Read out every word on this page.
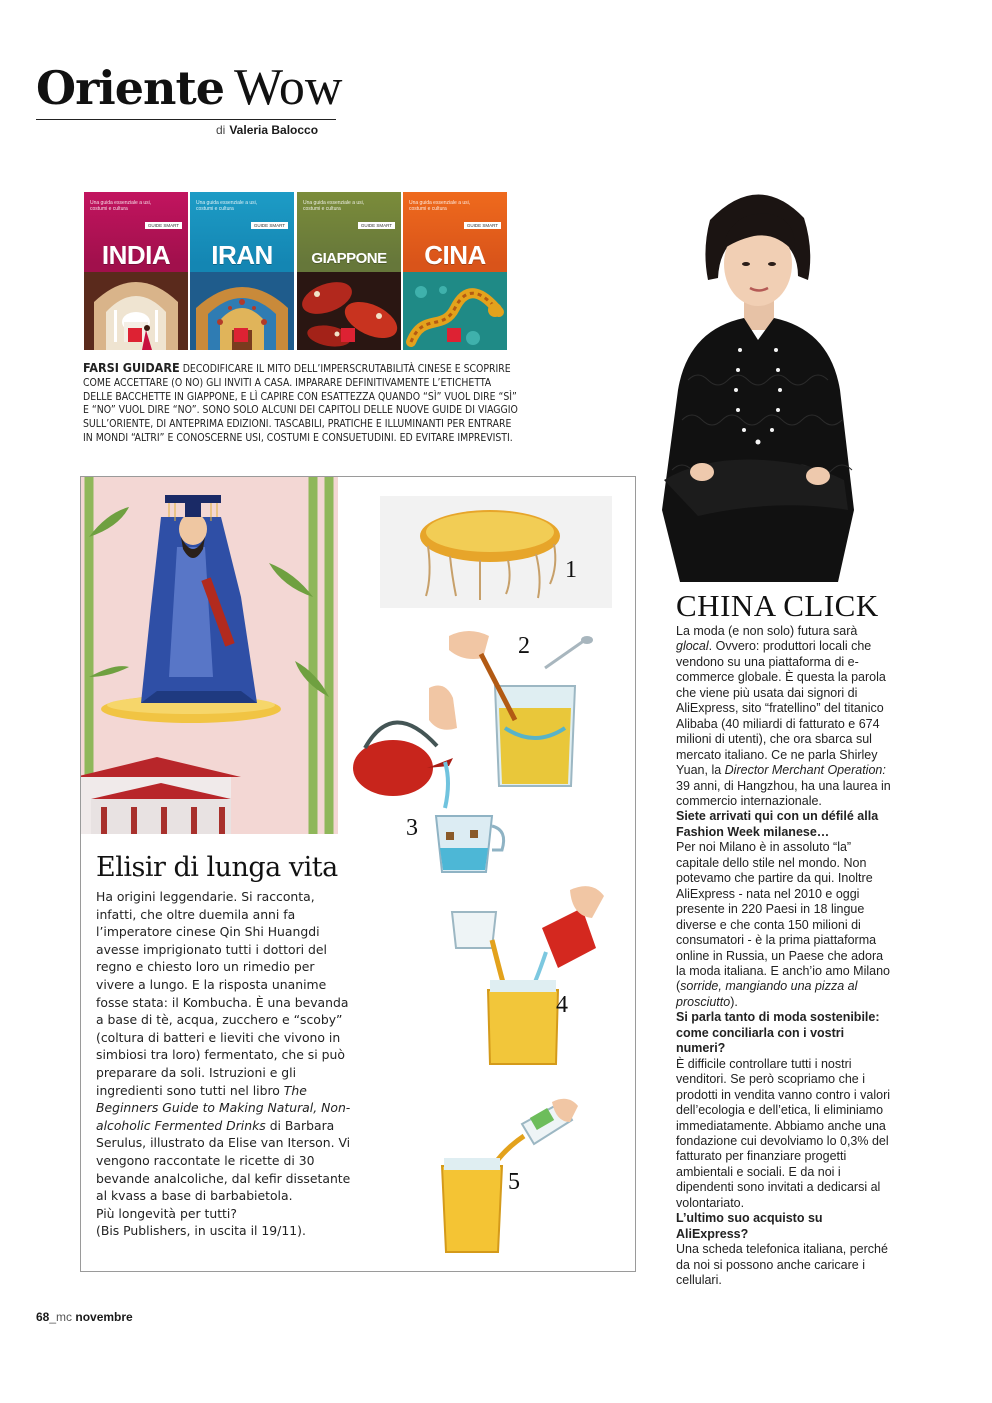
Oriente Wow
di Valeria Balocco
Una guida essenziale a usi, costumi e cultura
GUIDE SMART
INDIA
Una guida essenziale a usi, costumi e cultura
GUIDE SMART
IRAN
Una guida essenziale a usi, costumi e cultura
GUIDE SMART
GIAPPONE
Una guida essenziale a usi, costumi e cultura
GUIDE SMART
CINA
FARSI GUIDARE DECODIFICARE IL MITO DELL’IMPERSCRUTABILITÀ CINESE E SCOPRIRE
COME ACCETTARE (O NO) GLI INVITI A CASA. IMPARARE DEFINITIVAMENTE L’ETICHETTA
DELLE BACCHETTE IN GIAPPONE, E LÌ CAPIRE CON ESATTEZZA QUANDO “SÌ” VUOL DIRE “SÌ”
E “NO” VUOL DIRE “NO”. SONO SOLO ALCUNI DEI CAPITOLI DELLE NUOVE GUIDE DI VIAGGIO
SULL’ORIENTE, DI ANTEPRIMA EDIZIONI. TASCABILI, PRATICHE E ILLUMINANTI PER ENTRARE
IN MONDI “ALTRI” E CONOSCERNE USI, COSTUMI E CONSUETUDINI. ED EVITARE IMPREVISTI.
CHINA CLICK

La moda (e non solo) futura sarà glocal. Ovvero: produttori locali che vendono su una piattaforma di e-commerce globale. È questa la parola che viene più usata dai signori di AliExpress, sito “fratellino” del titanico Alibaba (40 miliardi di fatturato e 674 milioni di utenti), che ora sbarca sul mercato italiano. Ce ne parla Shirley Yuan, la Director Merchant Operation: 39 anni, di Hangzhou, ha una laurea in commercio internazionale.

Siete arrivati qui con un défilé alla Fashion Week milanese…

Per noi Milano è in assoluto “la” capitale dello stile nel mondo. Non potevamo che partire da qui. Inoltre AliExpress - nata nel 2010 e oggi presente in 220 Paesi in 18 lingue diverse e che conta 150 milioni di consumatori - è la prima piattaforma online in Russia, un Paese che adora la moda italiana. E anch’io amo Milano (sorride, mangiando una pizza al prosciutto).

Si parla tanto di moda sostenibile: come conciliarla con i vostri numeri?

È difficile controllare tutti i nostri venditori. Se però scopriamo che i prodotti in vendita vanno contro i valori dell’ecologia e dell’etica, li eliminiamo immediatamente. Abbiamo anche una fondazione cui devolviamo lo 0,3% del fatturato per finanziare progetti ambientali e sociali. E da noi i dipendenti sono invitati a dedicarsi al volontariato.

L’ultimo suo acquisto su AliExpress?

Una scheda telefonica italiana, perché da noi si possono anche caricare i cellulari.

1
2
3
4
5
Elisir di lunga vita

Ha origini leggendarie. Si racconta, infatti, che oltre duemila anni fa l’imperatore cinese Qin Shi Huangdi avesse imprigionato tutti i dottori del regno e chiesto loro un rimedio per vivere a lungo. E la risposta unanime fosse stata: il Kombucha. È una bevanda a base di tè, acqua, zucchero e “scoby” (coltura di batteri e lieviti che vivono in simbiosi tra loro) fermentato, che si può preparare da soli. Istruzioni e gli ingredienti sono tutti nel libro The Beginners Guide to Making Natural, Non-alcoholic Fermented Drinks di Barbara Serulus, illustrato da Elise van Iterson. Vi vengono raccontate le ricette di 30 bevande analcoliche, dal kefir dissetante al kvass a base di barbabietola.

Più longevità per tutti?

(Bis Publishers, in uscita il 19/11).

68_mc novembre
